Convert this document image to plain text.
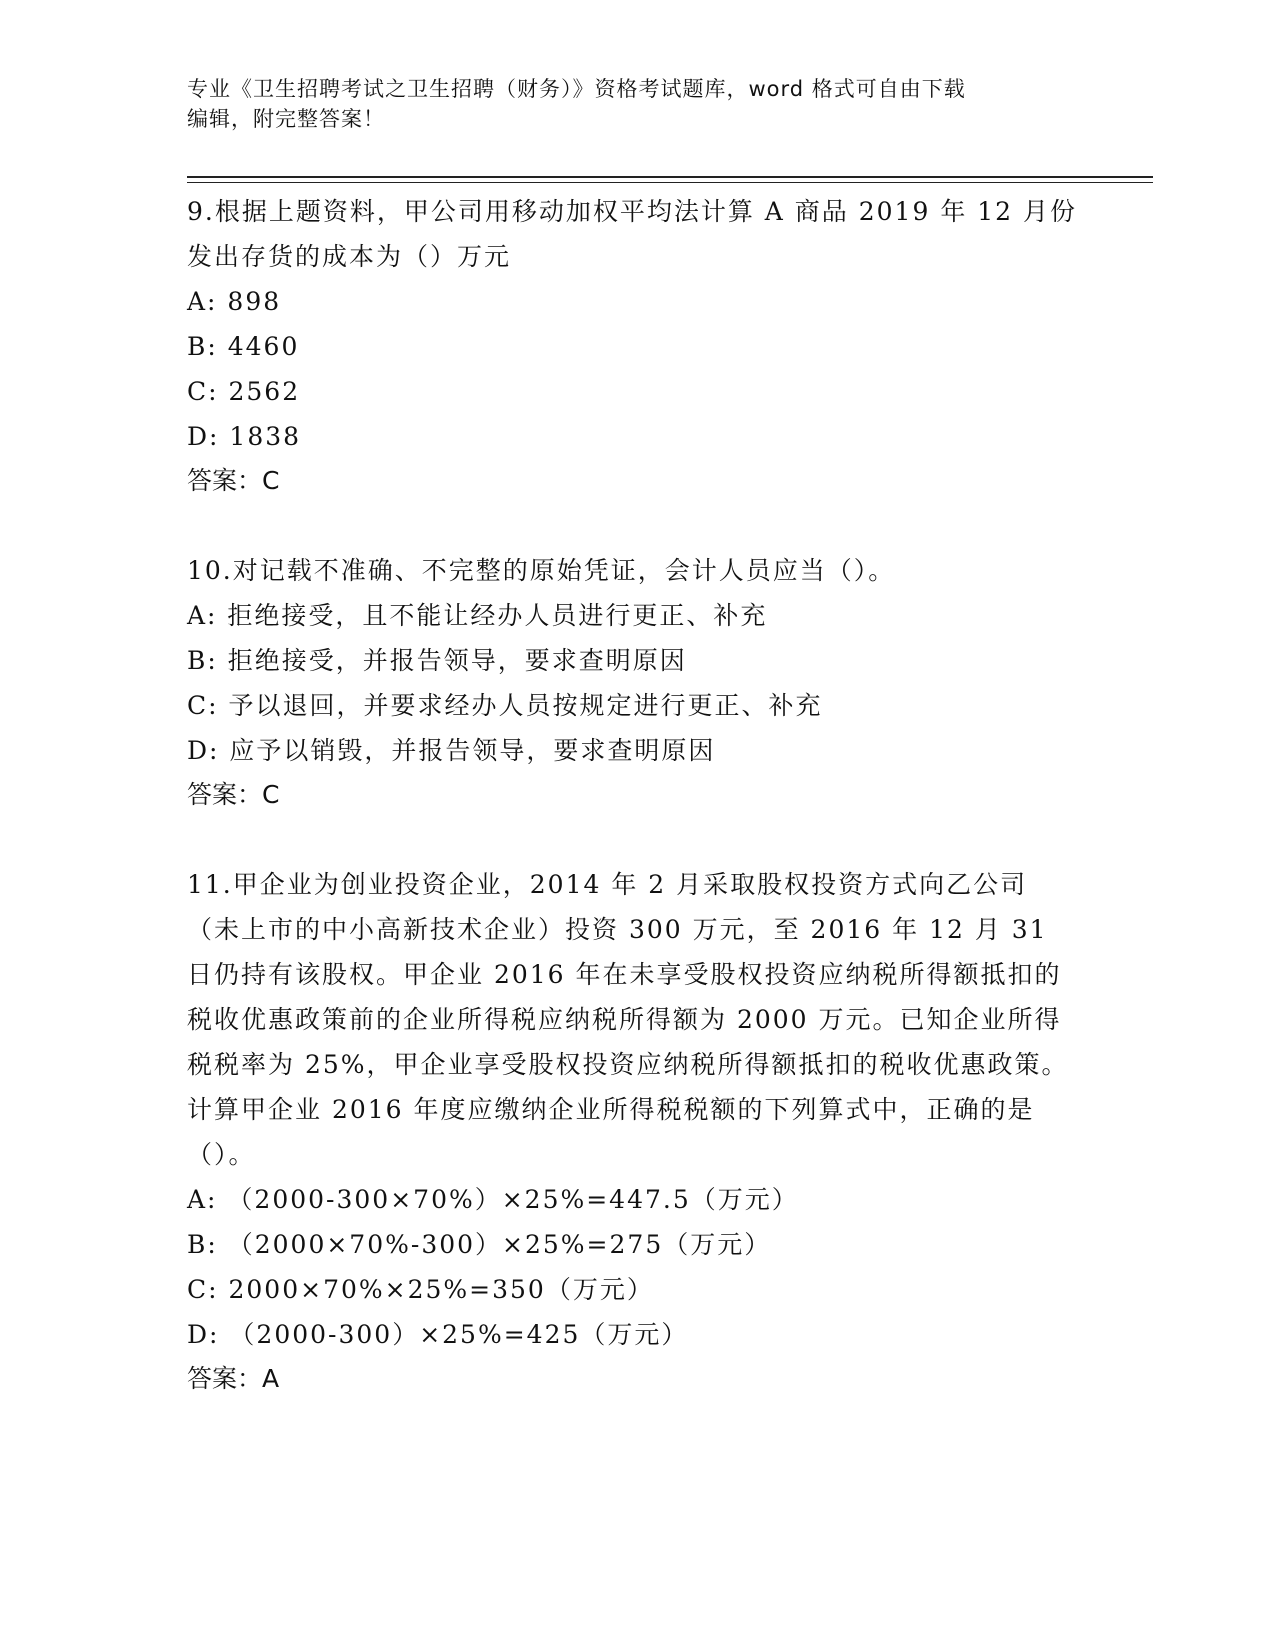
专业《卫生招聘考试之卫生招聘（财务）》资格考试题库，word 格式可自由下载
编辑，附完整答案！

9.根据上题资料，甲公司用移动加权平均法计算 A 商品 2019 年 12 月份发出存货的成本为（）万元

A: 898

B: 4460

C: 2562

D: 1838

答案：C

10.对记载不准确、不完整的原始凭证，会计人员应当（）。

A: 拒绝接受，且不能让经办人员进行更正、补充

B: 拒绝接受，并报告领导，要求查明原因

C: 予以退回，并要求经办人员按规定进行更正、补充

D: 应予以销毁，并报告领导，要求查明原因

答案：C

11.甲企业为创业投资企业，2014 年 2 月采取股权投资方式向乙公司（未上市的中小高新技术企业）投资 300 万元，至 2016 年 12 月 31 日仍持有该股权。甲企业 2016 年在未享受股权投资应纳税所得额抵扣的税收优惠政策前的企业所得税应纳税所得额为 2000 万元。已知企业所得税税率为 25%，甲企业享受股权投资应纳税所得额抵扣的税收优惠政策。计算甲企业 2016 年度应缴纳企业所得税税额的下列算式中，正确的是（）。

A: （2000-300×70%）×25%=447.5（万元）

B: （2000×70%-300）×25%=275（万元）

C: 2000×70%×25%=350（万元）

D: （2000-300）×25%=425（万元）

答案：A
